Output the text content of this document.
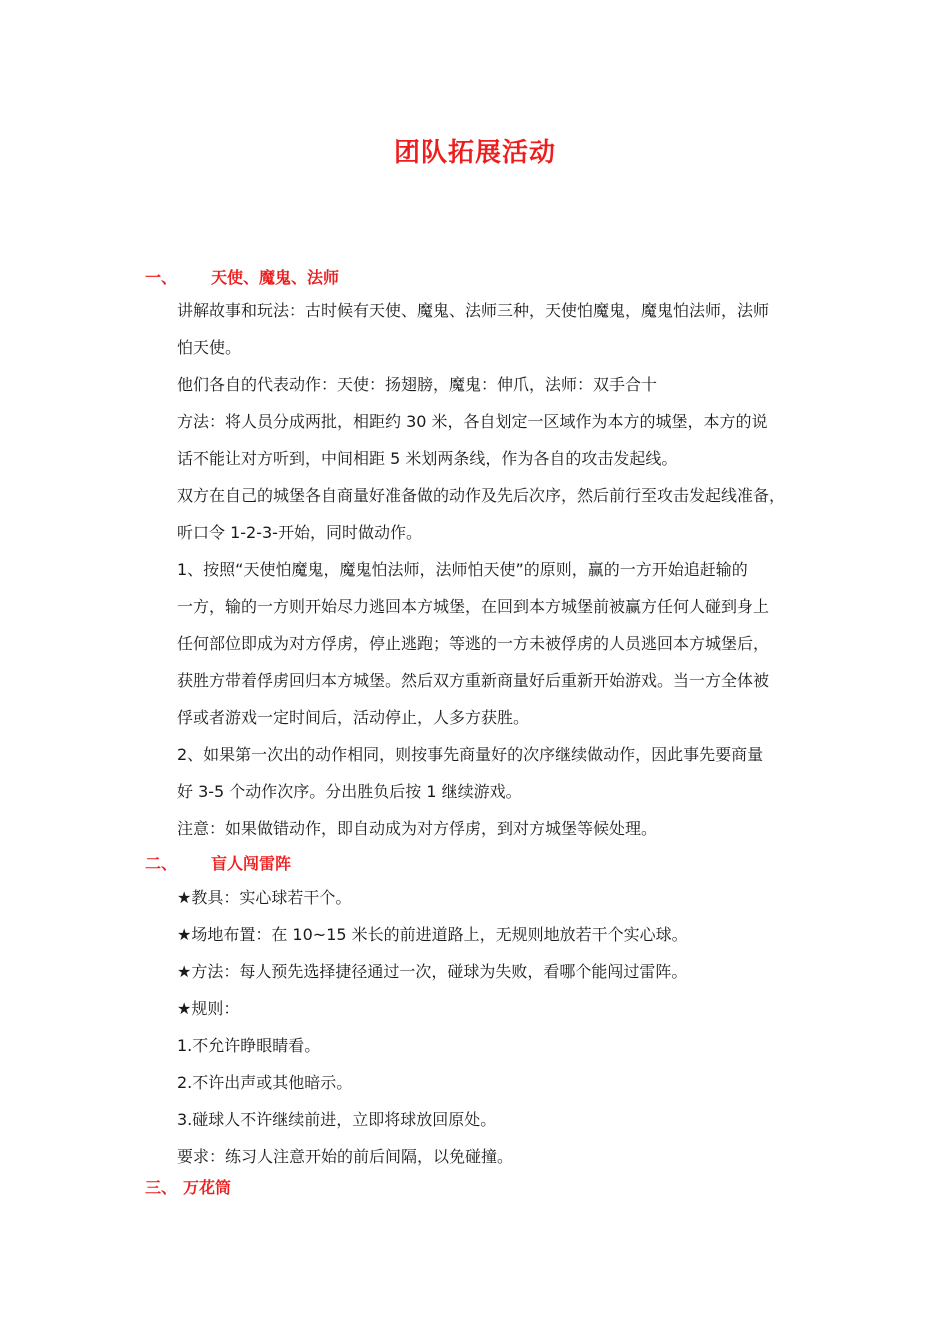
团队拓展活动
一、 天使、魔鬼、法师
讲解故事和玩法：古时候有天使、魔鬼、法师三种，天使怕魔鬼，魔鬼怕法师，法师
怕天使。
他们各自的代表动作：天使：扬翅膀，魔鬼：伸爪，法师：双手合十
方法：将人员分成两批，相距约 30 米，各自划定一区域作为本方的城堡，本方的说
话不能让对方听到，中间相距 5 米划两条线，作为各自的攻击发起线。
双方在自己的城堡各自商量好准备做的动作及先后次序，然后前行至攻击发起线准备，
听口令 1-2-3-开始，同时做动作。
1、按照“天使怕魔鬼，魔鬼怕法师，法师怕天使”的原则，赢的一方开始追赶输的
一方，输的一方则开始尽力逃回本方城堡，在回到本方城堡前被赢方任何人碰到身上
任何部位即成为对方俘虏，停止逃跑；等逃的一方未被俘虏的人员逃回本方城堡后，
获胜方带着俘虏回归本方城堡。然后双方重新商量好后重新开始游戏。当一方全体被
俘或者游戏一定时间后，活动停止，人多方获胜。
2、如果第一次出的动作相同，则按事先商量好的次序继续做动作，因此事先要商量
好 3-5 个动作次序。分出胜负后按 1 继续游戏。
注意：如果做错动作，即自动成为对方俘虏，到对方城堡等候处理。
二、 盲人闯雷阵
★教具：实心球若干个。
★场地布置：在 10~15 米长的前进道路上，无规则地放若干个实心球。
★方法：每人预先选择捷径通过一次，碰球为失败，看哪个能闯过雷阵。
★规则：
1.不允许睁眼睛看。
2.不许出声或其他暗示。
3.碰球人不许继续前进，立即将球放回原处。
要求：练习人注意开始的前后间隔，以免碰撞。
三、 万花筒
